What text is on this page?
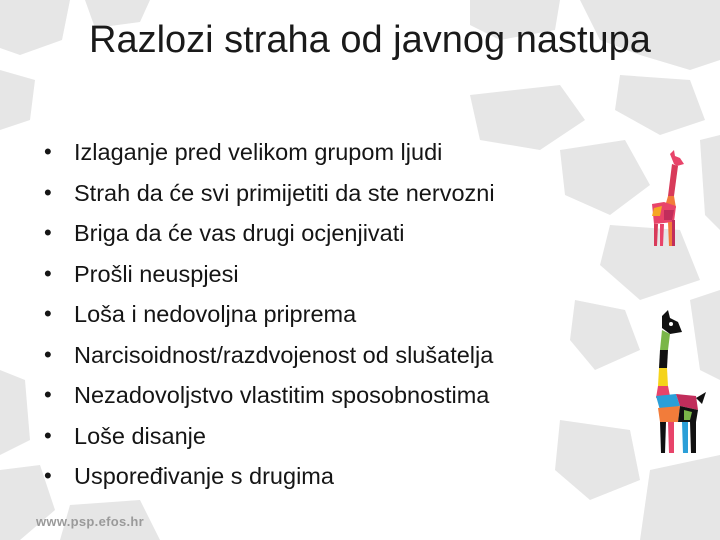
Razlozi straha od javnog nastupa
• Izlaganje pred velikom grupom ljudi
• Strah da će svi primijetiti da ste nervozni
• Briga da će vas drugi ocjenjivati
• Prošli neuspjesi
• Loša i nedovoljna priprema
• Narcisoidnost/razdvojenost od slušatelja
• Nezadovoljstvo vlastitim sposobnostima
• Loše disanje
• Uspoređivanje s drugima
www.psp.efos.hr
